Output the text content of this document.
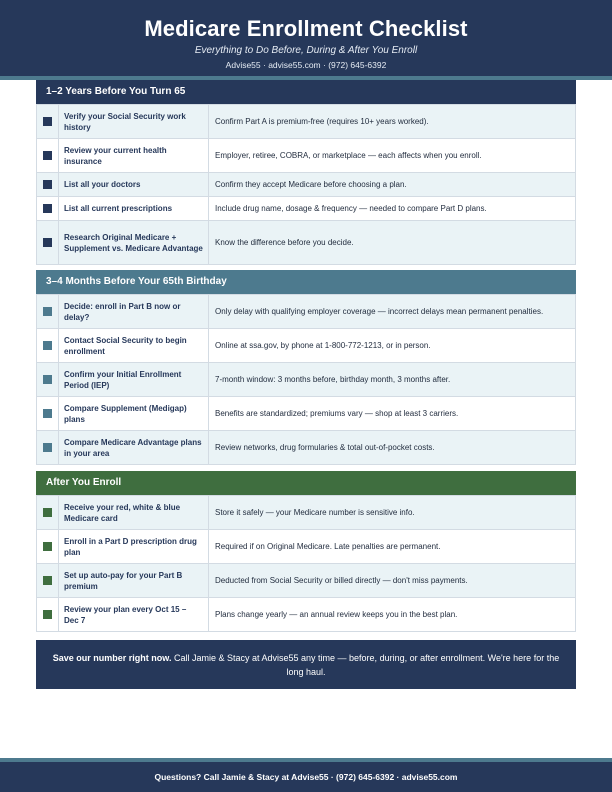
Medicare Enrollment Checklist
Everything to Do Before, During & After You Enroll
Advise55 · advise55.com · (972) 645-6392
1–2 Years Before You Turn 65
	Verify your Social Security work history	Confirm Part A is premium-free (requires 10+ years worked).
	Review your current health insurance	Employer, retiree, COBRA, or marketplace — each affects when you enroll.
	List all your doctors	Confirm they accept Medicare before choosing a plan.
	List all current prescriptions	Include drug name, dosage & frequency — needed to compare Part D plans.
	Research Original Medicare + Supplement vs. Medicare Advantage	Know the difference before you decide.
3–4 Months Before Your 65th Birthday
	Decide: enroll in Part B now or delay?	Only delay with qualifying employer coverage — incorrect delays mean permanent penalties.
	Contact Social Security to begin enrollment	Online at ssa.gov, by phone at 1-800-772-1213, or in person.
	Confirm your Initial Enrollment Period (IEP)	7-month window: 3 months before, birthday month, 3 months after.
	Compare Supplement (Medigap) plans	Benefits are standardized; premiums vary — shop at least 3 carriers.
	Compare Medicare Advantage plans in your area	Review networks, drug formularies & total out-of-pocket costs.
After You Enroll
	Receive your red, white & blue Medicare card	Store it safely — your Medicare number is sensitive info.
	Enroll in a Part D prescription drug plan	Required if on Original Medicare. Late penalties are permanent.
	Set up auto-pay for your Part B premium	Deducted from Social Security or billed directly — don't miss payments.
	Review your plan every Oct 15 – Dec 7	Plans change yearly — an annual review keeps you in the best plan.
Save our number right now. Call Jamie & Stacy at Advise55 any time — before, during, or after enrollment. We're here for the long haul.
Questions? Call Jamie & Stacy at Advise55 · (972) 645-6392 · advise55.com
